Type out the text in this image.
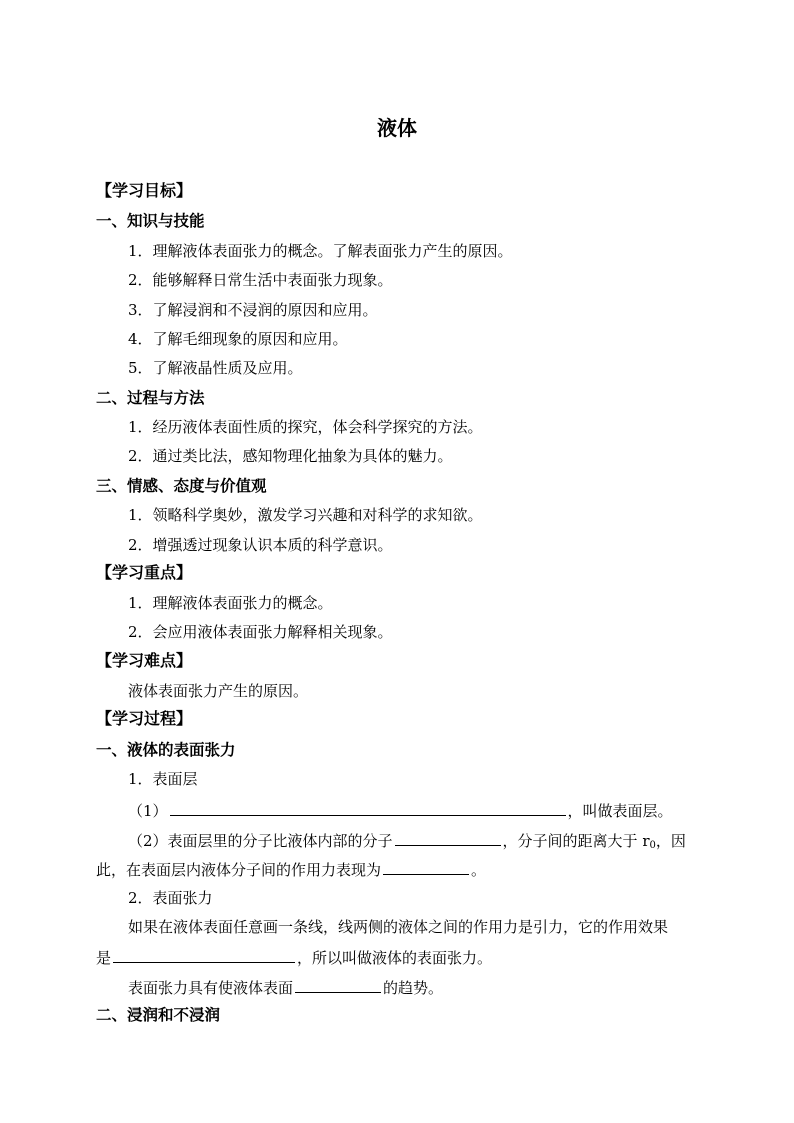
液体
【学习目标】
一、知识与技能
1．理解液体表面张力的概念。了解表面张力产生的原因。
2．能够解释日常生活中表面张力现象。
3．了解浸润和不浸润的原因和应用。
4．了解毛细现象的原因和应用。
5．了解液晶性质及应用。
二、过程与方法
1．经历液体表面性质的探究，体会科学探究的方法。
2．通过类比法，感知物理化抽象为具体的魅力。
三、情感、态度与价值观
1．领略科学奥妙，激发学习兴趣和对科学的求知欲。
2．增强透过现象认识本质的科学意识。
【学习重点】
1．理解液体表面张力的概念。
2．会应用液体表面张力解释相关现象。
【学习难点】
液体表面张力产生的原因。
【学习过程】
一、液体的表面张力
1．表面层
（1）	，叫做表面层。
（2）表面层里的分子比液体内部的分子	，分子间的距离大于 $r_0$，因
此，在表面层内液体分子间的作用力表现为	。
2．表面张力
如果在液体表面任意画一条线，线两侧的液体之间的作用力是引力，它的作用效果
是	，所以叫做液体的表面张力。
表面张力具有使液体表面	的趋势。
二、浸润和不浸润
